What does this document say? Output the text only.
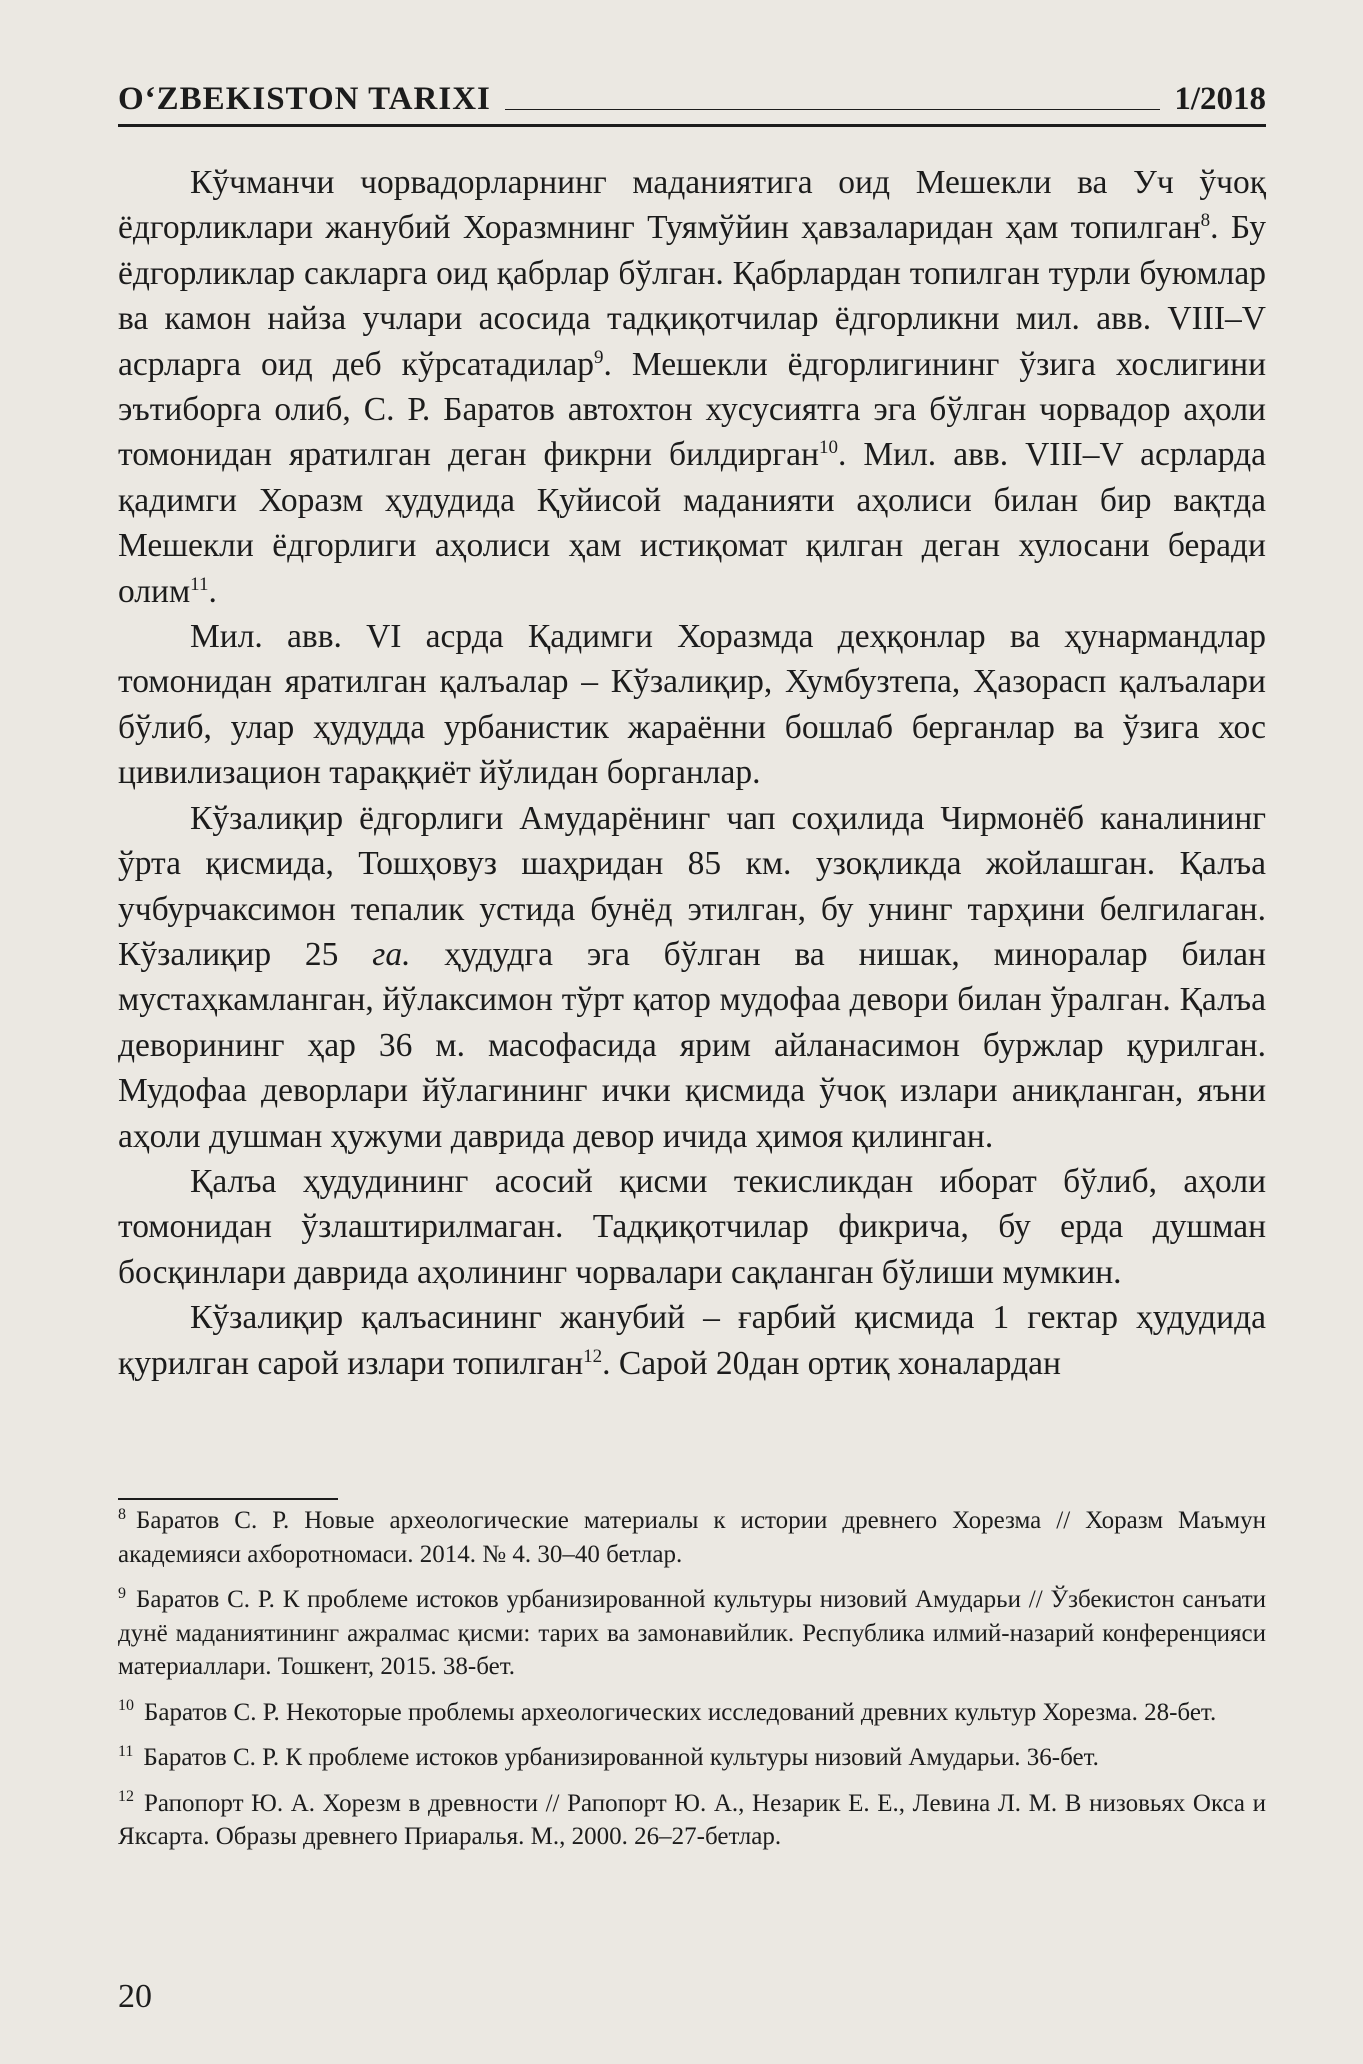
O‘ZBEKISTON TARIXI	1/2018

Кўчманчи чорвадорларнинг маданиятига оид Мешекли ва Уч ўчоқ ёдгорликлари жанубий Хоразмнинг Туямўйин ҳавзаларидан ҳам топилган$^8$. Бу ёдгорликлар сакларга оид қабрлар бўлган. Қабрлардан топилган турли буюмлар ва камон найза учлари асосида тадқиқотчилар ёдгорликни мил. авв. VIII–V асрларга оид деб кўрсатадилар$^9$. Мешекли ёдгорлигининг ўзига хослигини эътиборга олиб, С. Р. Баратов автохтон хусусиятга эга бўлган чорвадор аҳоли томонидан яратилган деган фикрни билдирган$^{10}$. Мил. авв. VIII–V асрларда қадимги Хоразм ҳудудида Қуйисой маданияти аҳолиси билан бир вақтда Мешекли ёдгорлиги аҳолиси ҳам истиқомат қилган деган хулосани беради олим$^{11}$.

Мил. авв. VI асрда Қадимги Хоразмда деҳқонлар ва ҳунармандлар томонидан яратилган қалъалар – Кўзалиқир, Хумбузтепа, Ҳазорасп қалъалари бўлиб, улар ҳудудда урбанистик жараённи бошлаб берганлар ва ўзига хос цивилизацион тараққиёт йўлидан борганлар.

Кўзалиқир ёдгорлиги Амударёнинг чап соҳилида Чирмонёб каналининг ўрта қисмида, Тошҳовуз шаҳридан 85 км. узоқликда жойлашган. Қалъа учбурчаксимон тепалик устида бунёд этилган, бу унинг тарҳини белгилаган. Кўзалиқир 25 га. ҳудудга эга бўлган ва нишак, миноралар билан мустаҳкамланган, йўлаксимон тўрт қатор мудофаа девори билан ўралган. Қалъа деворининг ҳар 36 м. масофасида ярим айланасимон буржлар қурилган. Мудофаа деворлари йўлагининг ички қисмида ўчоқ излари аниқланган, яъни аҳоли душман ҳужуми даврида девор ичида ҳимоя қилинган.

Қалъа ҳудудининг асосий қисми текисликдан иборат бўлиб, аҳоли томонидан ўзлаштирилмаган. Тадқиқотчилар фикрича, бу ерда душман босқинлари даврида аҳолининг чорвалари сақланган бўлиши мумкин.

Кўзалиқир қалъасининг жанубий – ғарбий қисмида 1 гектар ҳудудида қурилган сарой излари топилган$^{12}$. Сарой 20дан ортиқ хоналардан

$^8$ Баратов С. Р. Новые археологические материалы к истории древнего Хорезма // Хоразм Маъмун академияси ахборотномаси. 2014. № 4. 30–40 бетлар.

$^9$ Баратов С. Р. К проблеме истоков урбанизированной культуры низовий Амударьи // Ўзбекистон санъати дунё маданиятининг ажралмас қисми: тарих ва замонавийлик. Республика илмий-назарий конференцияси материаллари. Тошкент, 2015. 38-бет.

$^{10}$ Баратов С. Р. Некоторые проблемы археологических исследований древних культур Хорезма. 28-бет.

$^{11}$ Баратов С. Р. К проблеме истоков урбанизированной культуры низовий Амударьи. 36-бет.

$^{12}$ Рапопорт Ю. А. Хорезм в древности // Рапопорт Ю. А., Незарик Е. Е., Левина Л. М. В низовьях Окса и Яксарта. Образы древнего Приаралья. М., 2000. 26–27-бетлар.

20
